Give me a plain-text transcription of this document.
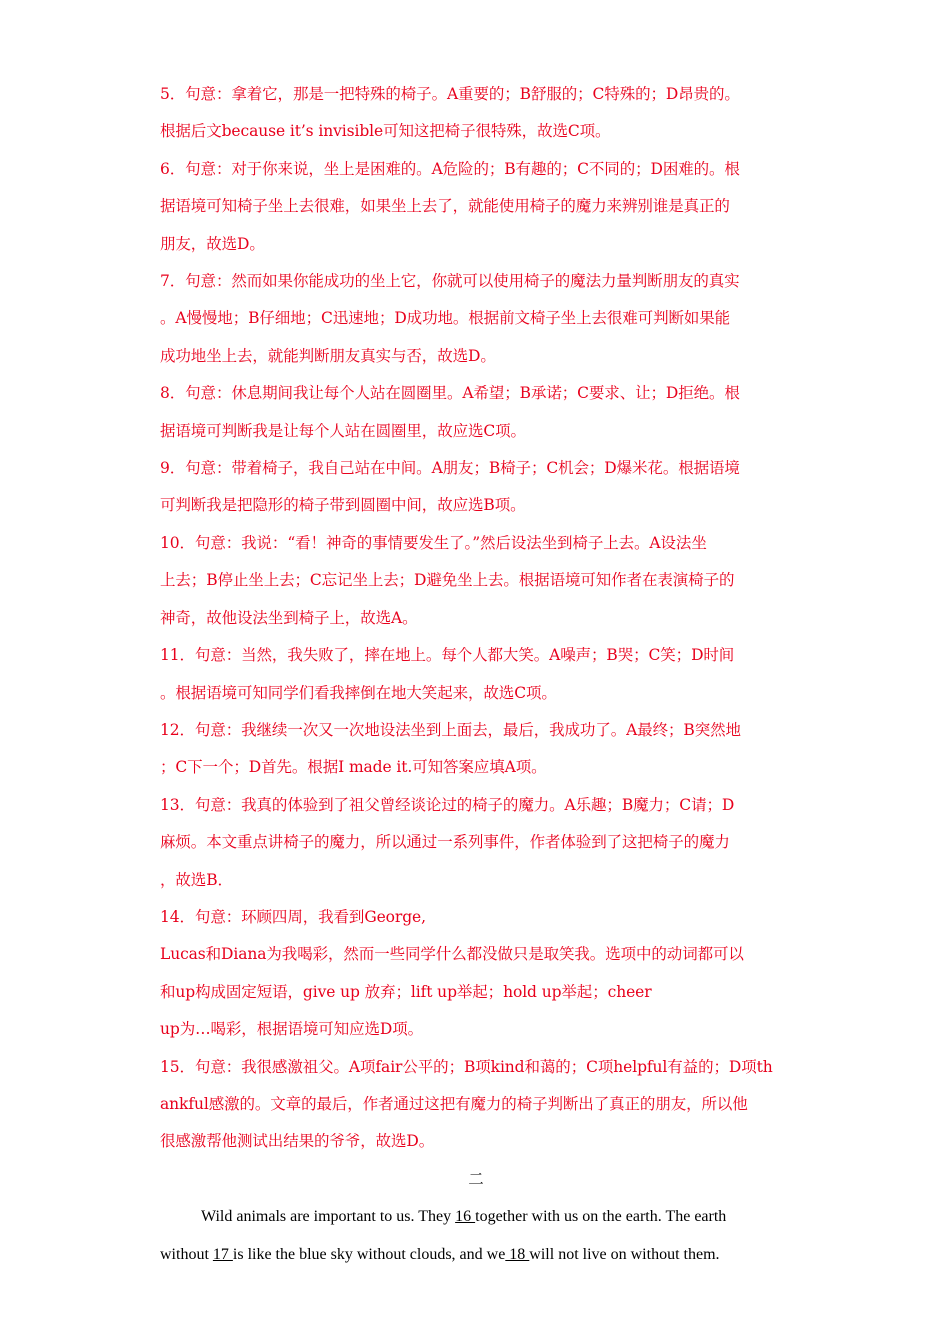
5．句意：拿着它，那是一把特殊的椅子。A重要的；B舒服的；C特殊的；D昂贵的。
根据后文because it’s invisible可知这把椅子很特殊，故选C项。

6．句意：对于你来说，坐上是困难的。A危险的；B有趣的；C不同的；D困难的。根
据语境可知椅子坐上去很难，如果坐上去了，就能使用椅子的魔力来辨别谁是真正的
朋友，故选D。

7．句意：然而如果你能成功的坐上它，你就可以使用椅子的魔法力量判断朋友的真实
。A慢慢地；B仔细地；C迅速地；D成功地。根据前文椅子坐上去很难可判断如果能
成功地坐上去，就能判断朋友真实与否，故选D。

8．句意：休息期间我让每个人站在圆圈里。A希望；B承诺；C要求、让；D拒绝。根
据语境可判断我是让每个人站在圆圈里，故应选C项。

9．句意：带着椅子，我自己站在中间。A朋友；B椅子；C机会；D爆米花。根据语境
可判断我是把隐形的椅子带到圆圈中间，故应选B项。

10．句意：我说：“看！神奇的事情要发生了。”然后设法坐到椅子上去。A设法坐
上去；B停止坐上去；C忘记坐上去；D避免坐上去。根据语境可知作者在表演椅子的
神奇，故他设法坐到椅子上，故选A。

11．句意：当然，我失败了，摔在地上。每个人都大笑。A噪声；B哭；C笑；D时间
。根据语境可知同学们看我摔倒在地大笑起来，故选C项。

12．句意：我继续一次又一次地设法坐到上面去，最后，我成功了。A最终；B突然地
；C下一个；D首先。根据I made it.可知答案应填A项。

13．句意：我真的体验到了祖父曾经谈论过的椅子的魔力。A乐趣；B魔力；C请；D
麻烦。本文重点讲椅子的魔力，所以通过一系列事件，作者体验到了这把椅子的魔力
，故选B．

14．句意：环顾四周，我看到George,
Lucas和Diana为我喝彩，然而一些同学什么都没做只是取笑我。选项中的动词都可以
和up构成固定短语，give up 放弃；lift up举起；hold up举起；cheer
up为…喝彩，根据语境可知应选D项。

15．句意：我很感激祖父。A项fair公平的；B项kind和蔼的；C项helpful有益的；D项th
ankful感激的。文章的最后，作者通过这把有魔力的椅子判断出了真正的朋友，所以他
很感激帮他测试出结果的爷爷，故选D。

二

Wild animals are important to us. They 16 together with us on the earth. The earth
without 17 is like the blue sky without clouds, and we 18 will not live on without them.
